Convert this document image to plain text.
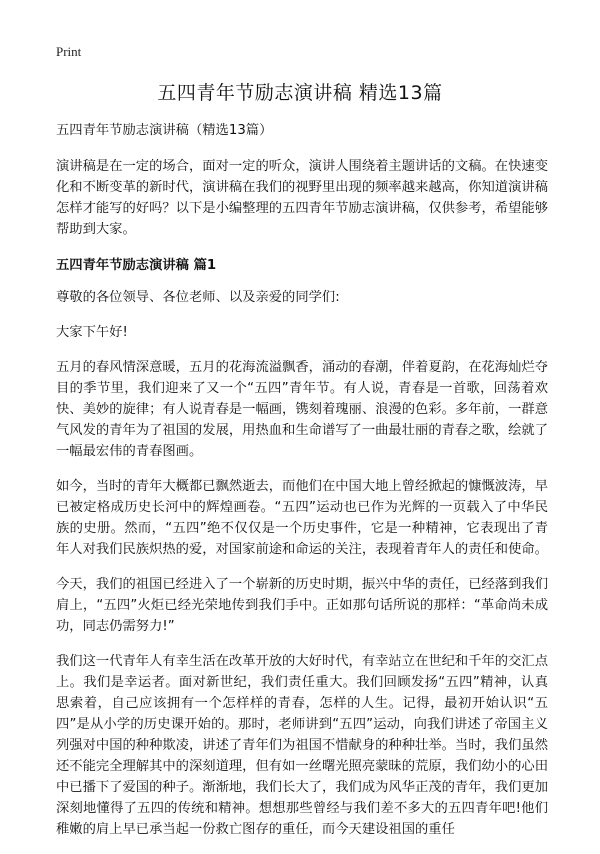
Print
五四青年节励志演讲稿 精选13篇

五四青年节励志演讲稿（精选13篇）

演讲稿是在一定的场合，面对一定的听众，演讲人围绕着主题讲话的文稿。在快速变化和不断变革的新时代，演讲稿在我们的视野里出现的频率越来越高，你知道演讲稿怎样才能写的好吗？以下是小编整理的五四青年节励志演讲稿，仅供参考，希望能够帮助到大家。

五四青年节励志演讲稿 篇1

尊敬的各位领导、各位老师、以及亲爱的同学们:

大家下午好!

五月的春风情深意暖，五月的花海流溢飘香，涌动的春潮，伴着夏韵，在花海灿烂夺目的季节里，我们迎来了又一个“五四”青年节。有人说，青春是一首歌，回荡着欢快、美妙的旋律；有人说青春是一幅画，镌刻着瑰丽、浪漫的色彩。多年前，一群意气风发的青年为了祖国的发展，用热血和生命谱写了一曲最壮丽的青春之歌，绘就了一幅最宏伟的青春图画。

如今，当时的青年大概都已飘然逝去，而他们在中国大地上曾经掀起的慷慨波涛，早已被定格成历史长河中的辉煌画卷。“五四”运动也已作为光辉的一页载入了中华民族的史册。然而，“五四”绝不仅仅是一个历史事件，它是一种精神，它表现出了青年人对我们民族炽热的爱，对国家前途和命运的关注，表现着青年人的责任和使命。

今天，我们的祖国已经进入了一个崭新的历史时期，振兴中华的责任，已经落到我们肩上，“五四”火炬已经光荣地传到我们手中。正如那句话所说的那样：“革命尚未成功，同志仍需努力!”

我们这一代青年人有幸生活在改革开放的大好时代，有幸站立在世纪和千年的交汇点上。我们是幸运者。面对新世纪，我们责任重大。我们回顾发扬“五四”精神，认真思索着，自己应该拥有一个怎样样的青春，怎样的人生。记得，最初开始认识“五四”是从小学的历史课开始的。那时，老师讲到“五四”运动，向我们讲述了帝国主义列强对中国的种种欺凌，讲述了青年们为祖国不惜献身的种种壮举。当时，我们虽然还不能完全理解其中的深刻道理，但有如一丝曙光照亮蒙昧的荒原，我们幼小的心田中已播下了爱国的种子。渐渐地，我们长大了，我们成为风华正茂的青年，我们更加深刻地懂得了五四的传统和精神。想想那些曾经与我们差不多大的五四青年吧!他们稚嫩的肩上早已承当起一份救亡图存的重任，而今天建设祖国的重任
